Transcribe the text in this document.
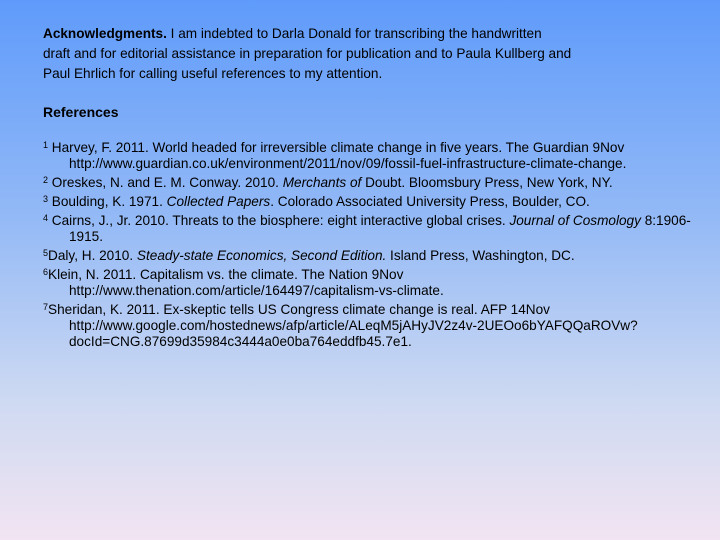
Acknowledgments. I am indebted to Darla Donald for transcribing the handwritten
draft and for editorial assistance in preparation for publication and to Paula Kullberg and
Paul Ehrlich for calling useful references to my attention.

References
$^1$ Harvey, F. 2011. World headed for irreversible climate change in five years. The Guardian 9Nov http://www.guardian.co.uk/environment/2011/nov/09/fossil-fuel-infrastructure-climate-change.
$^2$ Oreskes, N. and E. M. Conway. 2010. Merchants of Doubt. Bloomsbury Press, New York, NY.
$^3$ Boulding, K. 1971. Collected Papers. Colorado Associated University Press, Boulder, CO.
$^4$ Cairns, J., Jr. 2010. Threats to the biosphere: eight interactive global crises. Journal of Cosmology 8:1906-1915.
$^5$Daly, H. 2010. Steady-state Economics, Second Edition. Island Press, Washington, DC.
$^6$Klein, N. 2011. Capitalism vs. the climate. The Nation 9Nov http://www.thenation.com/article/164497/capitalism-vs-climate.
$^7$Sheridan, K. 2011. Ex-skeptic tells US Congress climate change is real. AFP 14Nov http://www.google.com/hostednews/afp/article/ALeqM5jAHyJV2z4v-2UEOo6bYAFQQaROVw?docId=CNG.87699d35984c3444a0e0ba764eddfb45.7e1.
